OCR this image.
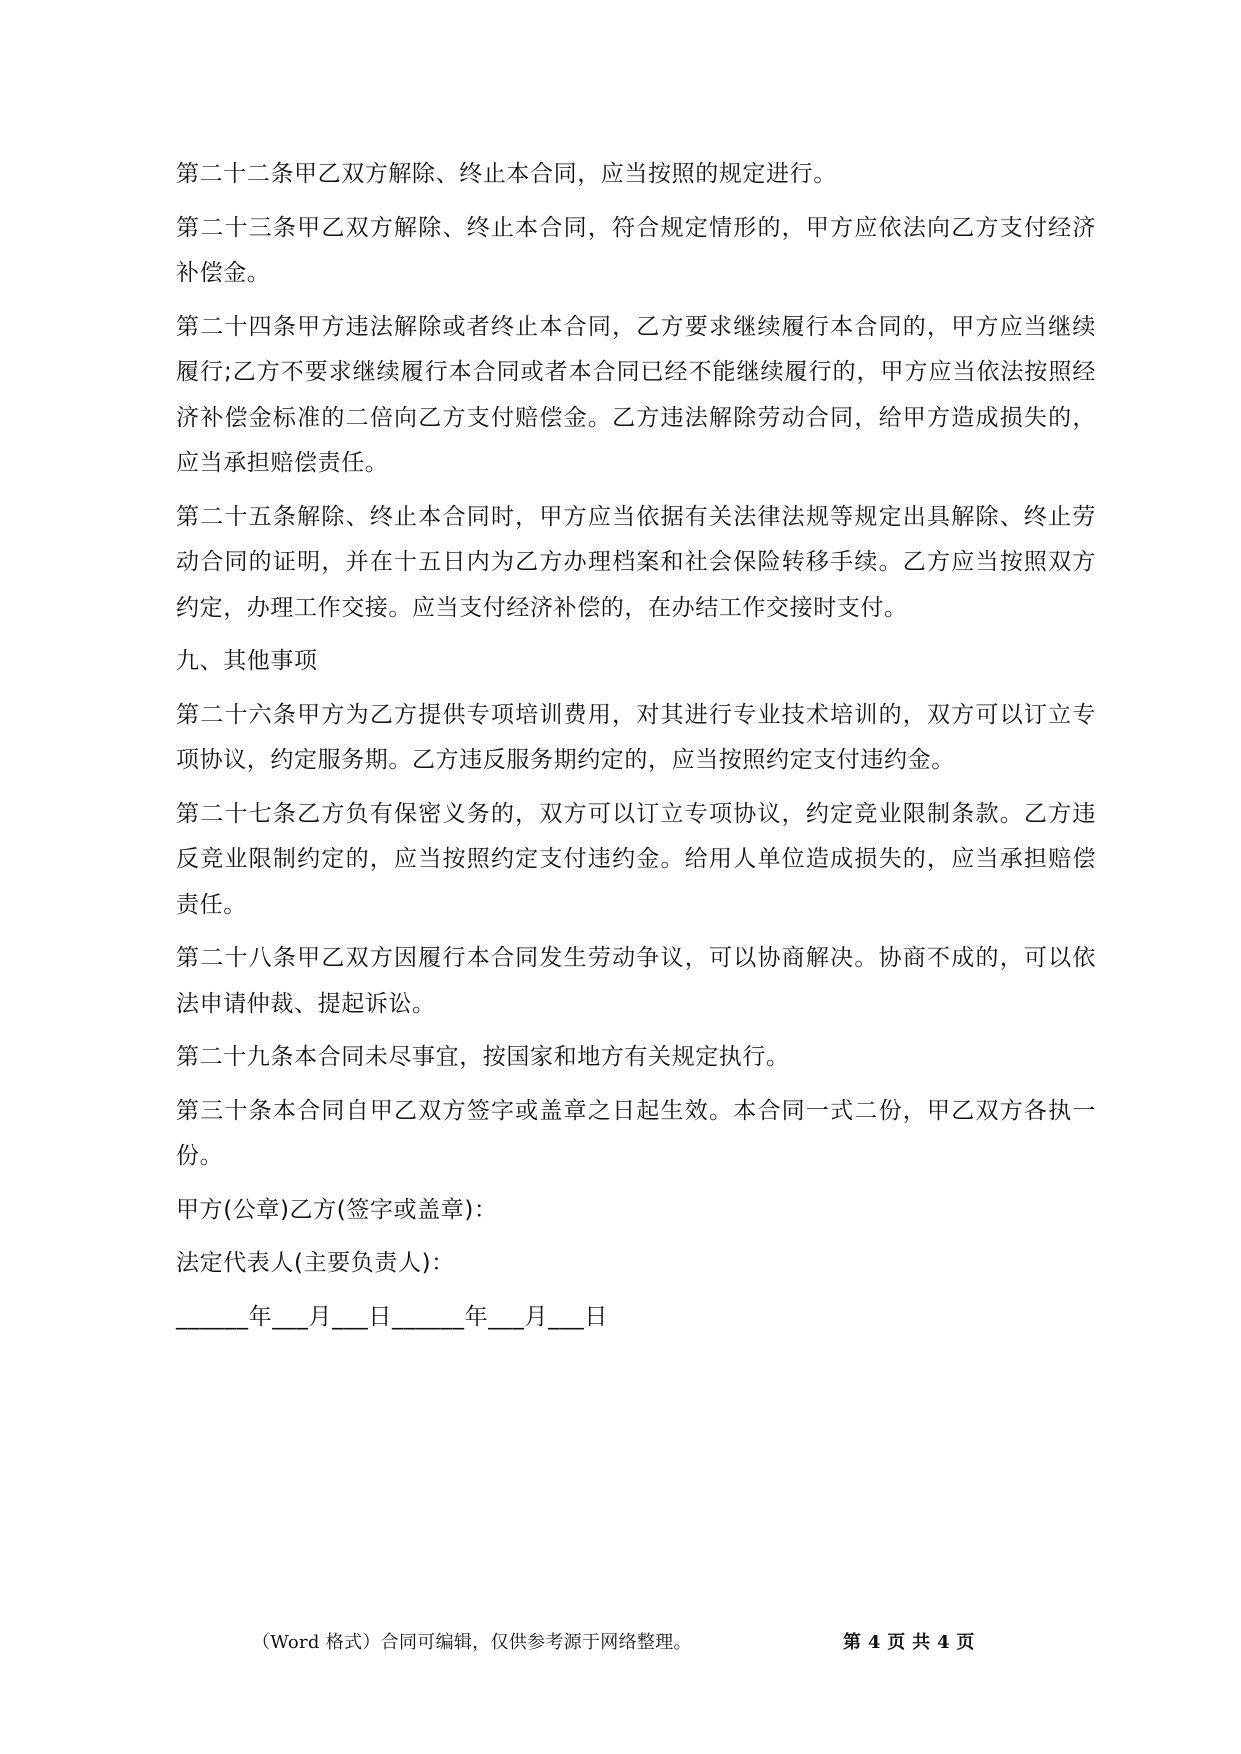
第二十二条甲乙双方解除、终止本合同，应当按照的规定进行。

第二十三条甲乙双方解除、终止本合同，符合规定情形的，甲方应依法向乙方支付经济补偿金。

第二十四条甲方违法解除或者终止本合同，乙方要求继续履行本合同的，甲方应当继续履行;乙方不要求继续履行本合同或者本合同已经不能继续履行的，甲方应当依法按照经济补偿金标准的二倍向乙方支付赔偿金。乙方违法解除劳动合同，给甲方造成损失的，应当承担赔偿责任。

第二十五条解除、终止本合同时，甲方应当依据有关法律法规等规定出具解除、终止劳动合同的证明，并在十五日内为乙方办理档案和社会保险转移手续。乙方应当按照双方约定，办理工作交接。应当支付经济补偿的，在办结工作交接时支付。

九、其他事项

第二十六条甲方为乙方提供专项培训费用，对其进行专业技术培训的，双方可以订立专项协议，约定服务期。乙方违反服务期约定的，应当按照约定支付违约金。

第二十七条乙方负有保密义务的，双方可以订立专项协议，约定竞业限制条款。乙方违反竞业限制约定的，应当按照约定支付违约金。给用人单位造成损失的，应当承担赔偿责任。

第二十八条甲乙双方因履行本合同发生劳动争议，可以协商解决。协商不成的，可以依法申请仲裁、提起诉讼。

第二十九条本合同未尽事宜，按国家和地方有关规定执行。

第三十条本合同自甲乙双方签字或盖章之日起生效。本合同一式二份，甲乙双方各执一份。

甲方(公章)乙方(签字或盖章)：

法定代表人(主要负责人)：

______年___月___日______年___月___日

（Word 格式）合同可编辑，仅供参考源于网络整理。	第 4 页 共 4 页
